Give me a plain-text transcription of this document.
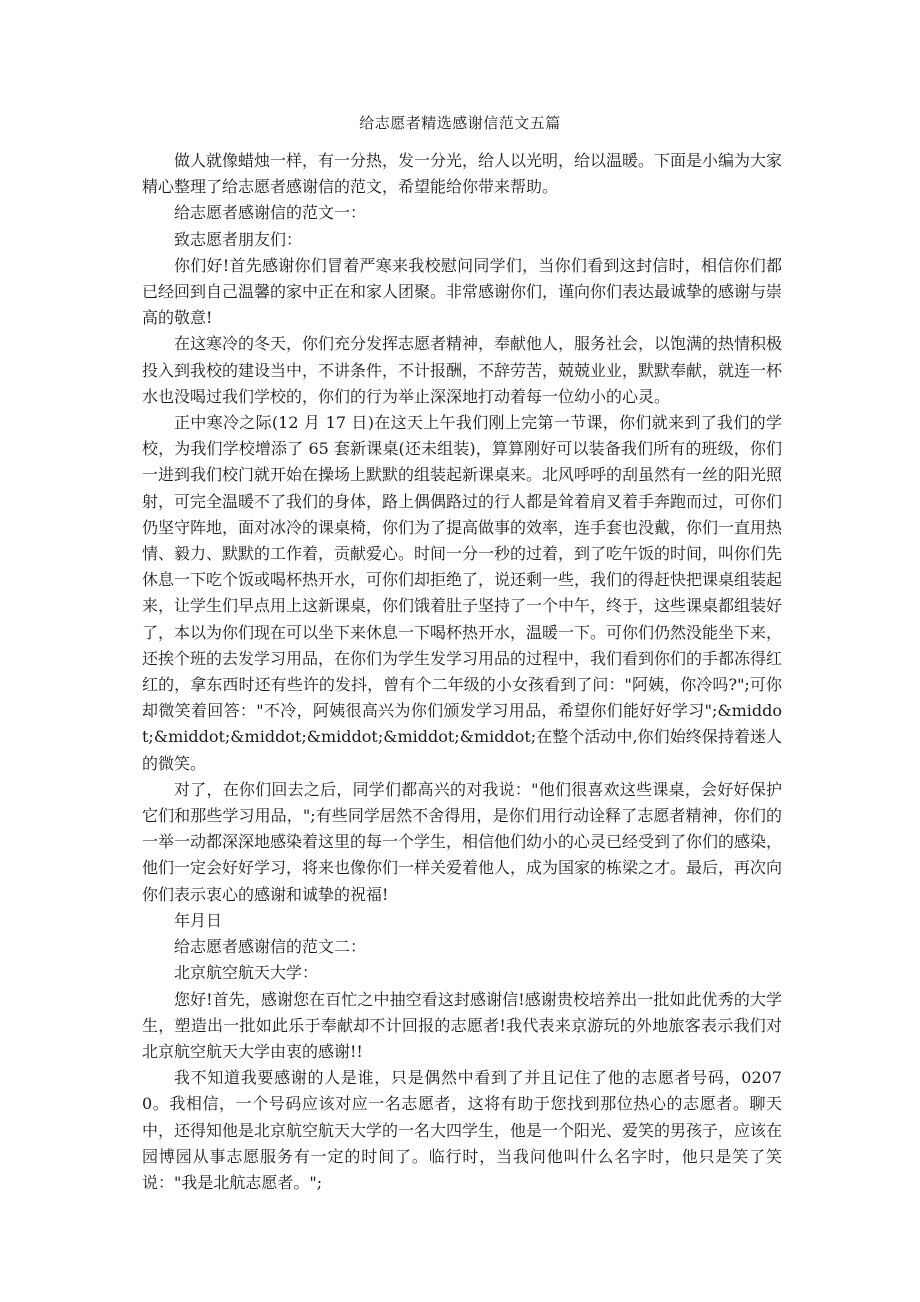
给志愿者精选感谢信范文五篇

做人就像蜡烛一样，有一分热，发一分光，给人以光明，给以温暖。下面是小编为大家精心整理了给志愿者感谢信的范文，希望能给你带来帮助。

给志愿者感谢信的范文一：

致志愿者朋友们：

你们好!首先感谢你们冒着严寒来我校慰问同学们，当你们看到这封信时，相信你们都已经回到自己温馨的家中正在和家人团聚。非常感谢你们，谨向你们表达最诚挚的感谢与崇高的敬意!

在这寒冷的冬天，你们充分发挥志愿者精神，奉献他人，服务社会，以饱满的热情积极投入到我校的建设当中，不讲条件，不计报酬，不辞劳苦，兢兢业业，默默奉献，就连一杯水也没喝过我们学校的，你们的行为举止深深地打动着每一位幼小的心灵。

正中寒冷之际(12 月 17 日)在这天上午我们刚上完第一节课，你们就来到了我们的学校，为我们学校增添了 65 套新课桌(还未组装)，算算刚好可以装备我们所有的班级，你们一进到我们校门就开始在操场上默默的组装起新课桌来。北风呼呼的刮虽然有一丝的阳光照射，可完全温暖不了我们的身体，路上偶偶路过的行人都是耸着肩叉着手奔跑而过，可你们仍坚守阵地，面对冰冷的课桌椅，你们为了提高做事的效率，连手套也没戴，你们一直用热情、毅力、默默的工作着，贡献爱心。时间一分一秒的过着，到了吃午饭的时间，叫你们先休息一下吃个饭或喝杯热开水，可你们却拒绝了，说还剩一些，我们的得赶快把课桌组装起来，让学生们早点用上这新课桌，你们饿着肚子坚持了一个中午，终于，这些课桌都组装好了，本以为你们现在可以坐下来休息一下喝杯热开水，温暖一下。可你们仍然没能坐下来，还挨个班的去发学习用品，在你们为学生发学习用品的过程中，我们看到你们的手都冻得红红的，拿东西时还有些许的发抖，曾有个二年级的小女孩看到了问："阿姨，你冷吗?";可你却微笑着回答："不冷，阿姨很高兴为你们颁发学习用品，希望你们能好好学习";&middot;&middot;&middot;&middot;&middot;&middot;在整个活动中,你们始终保持着迷人的微笑。

对了，在你们回去之后，同学们都高兴的对我说："他们很喜欢这些课桌，会好好保护它们和那些学习用品，";有些同学居然不舍得用，是你们用行动诠释了志愿者精神，你们的一举一动都深深地感染着这里的每一个学生，相信他们幼小的心灵已经受到了你们的感染，他们一定会好好学习，将来也像你们一样关爱着他人，成为国家的栋梁之才。最后，再次向你们表示衷心的感谢和诚挚的祝福!

年月日

给志愿者感谢信的范文二：

北京航空航天大学：

您好!首先，感谢您在百忙之中抽空看这封感谢信!感谢贵校培养出一批如此优秀的大学生，塑造出一批如此乐于奉献却不计回报的志愿者!我代表来京游玩的外地旅客表示我们对北京航空航天大学由衷的感谢!!

我不知道我要感谢的人是谁，只是偶然中看到了并且记住了他的志愿者号码，02070。我相信，一个号码应该对应一名志愿者，这将有助于您找到那位热心的志愿者。聊天中，还得知他是北京航空航天大学的一名大四学生，他是一个阳光、爱笑的男孩子，应该在园博园从事志愿服务有一定的时间了。临行时，当我问他叫什么名字时，他只是笑了笑说："我是北航志愿者。";
